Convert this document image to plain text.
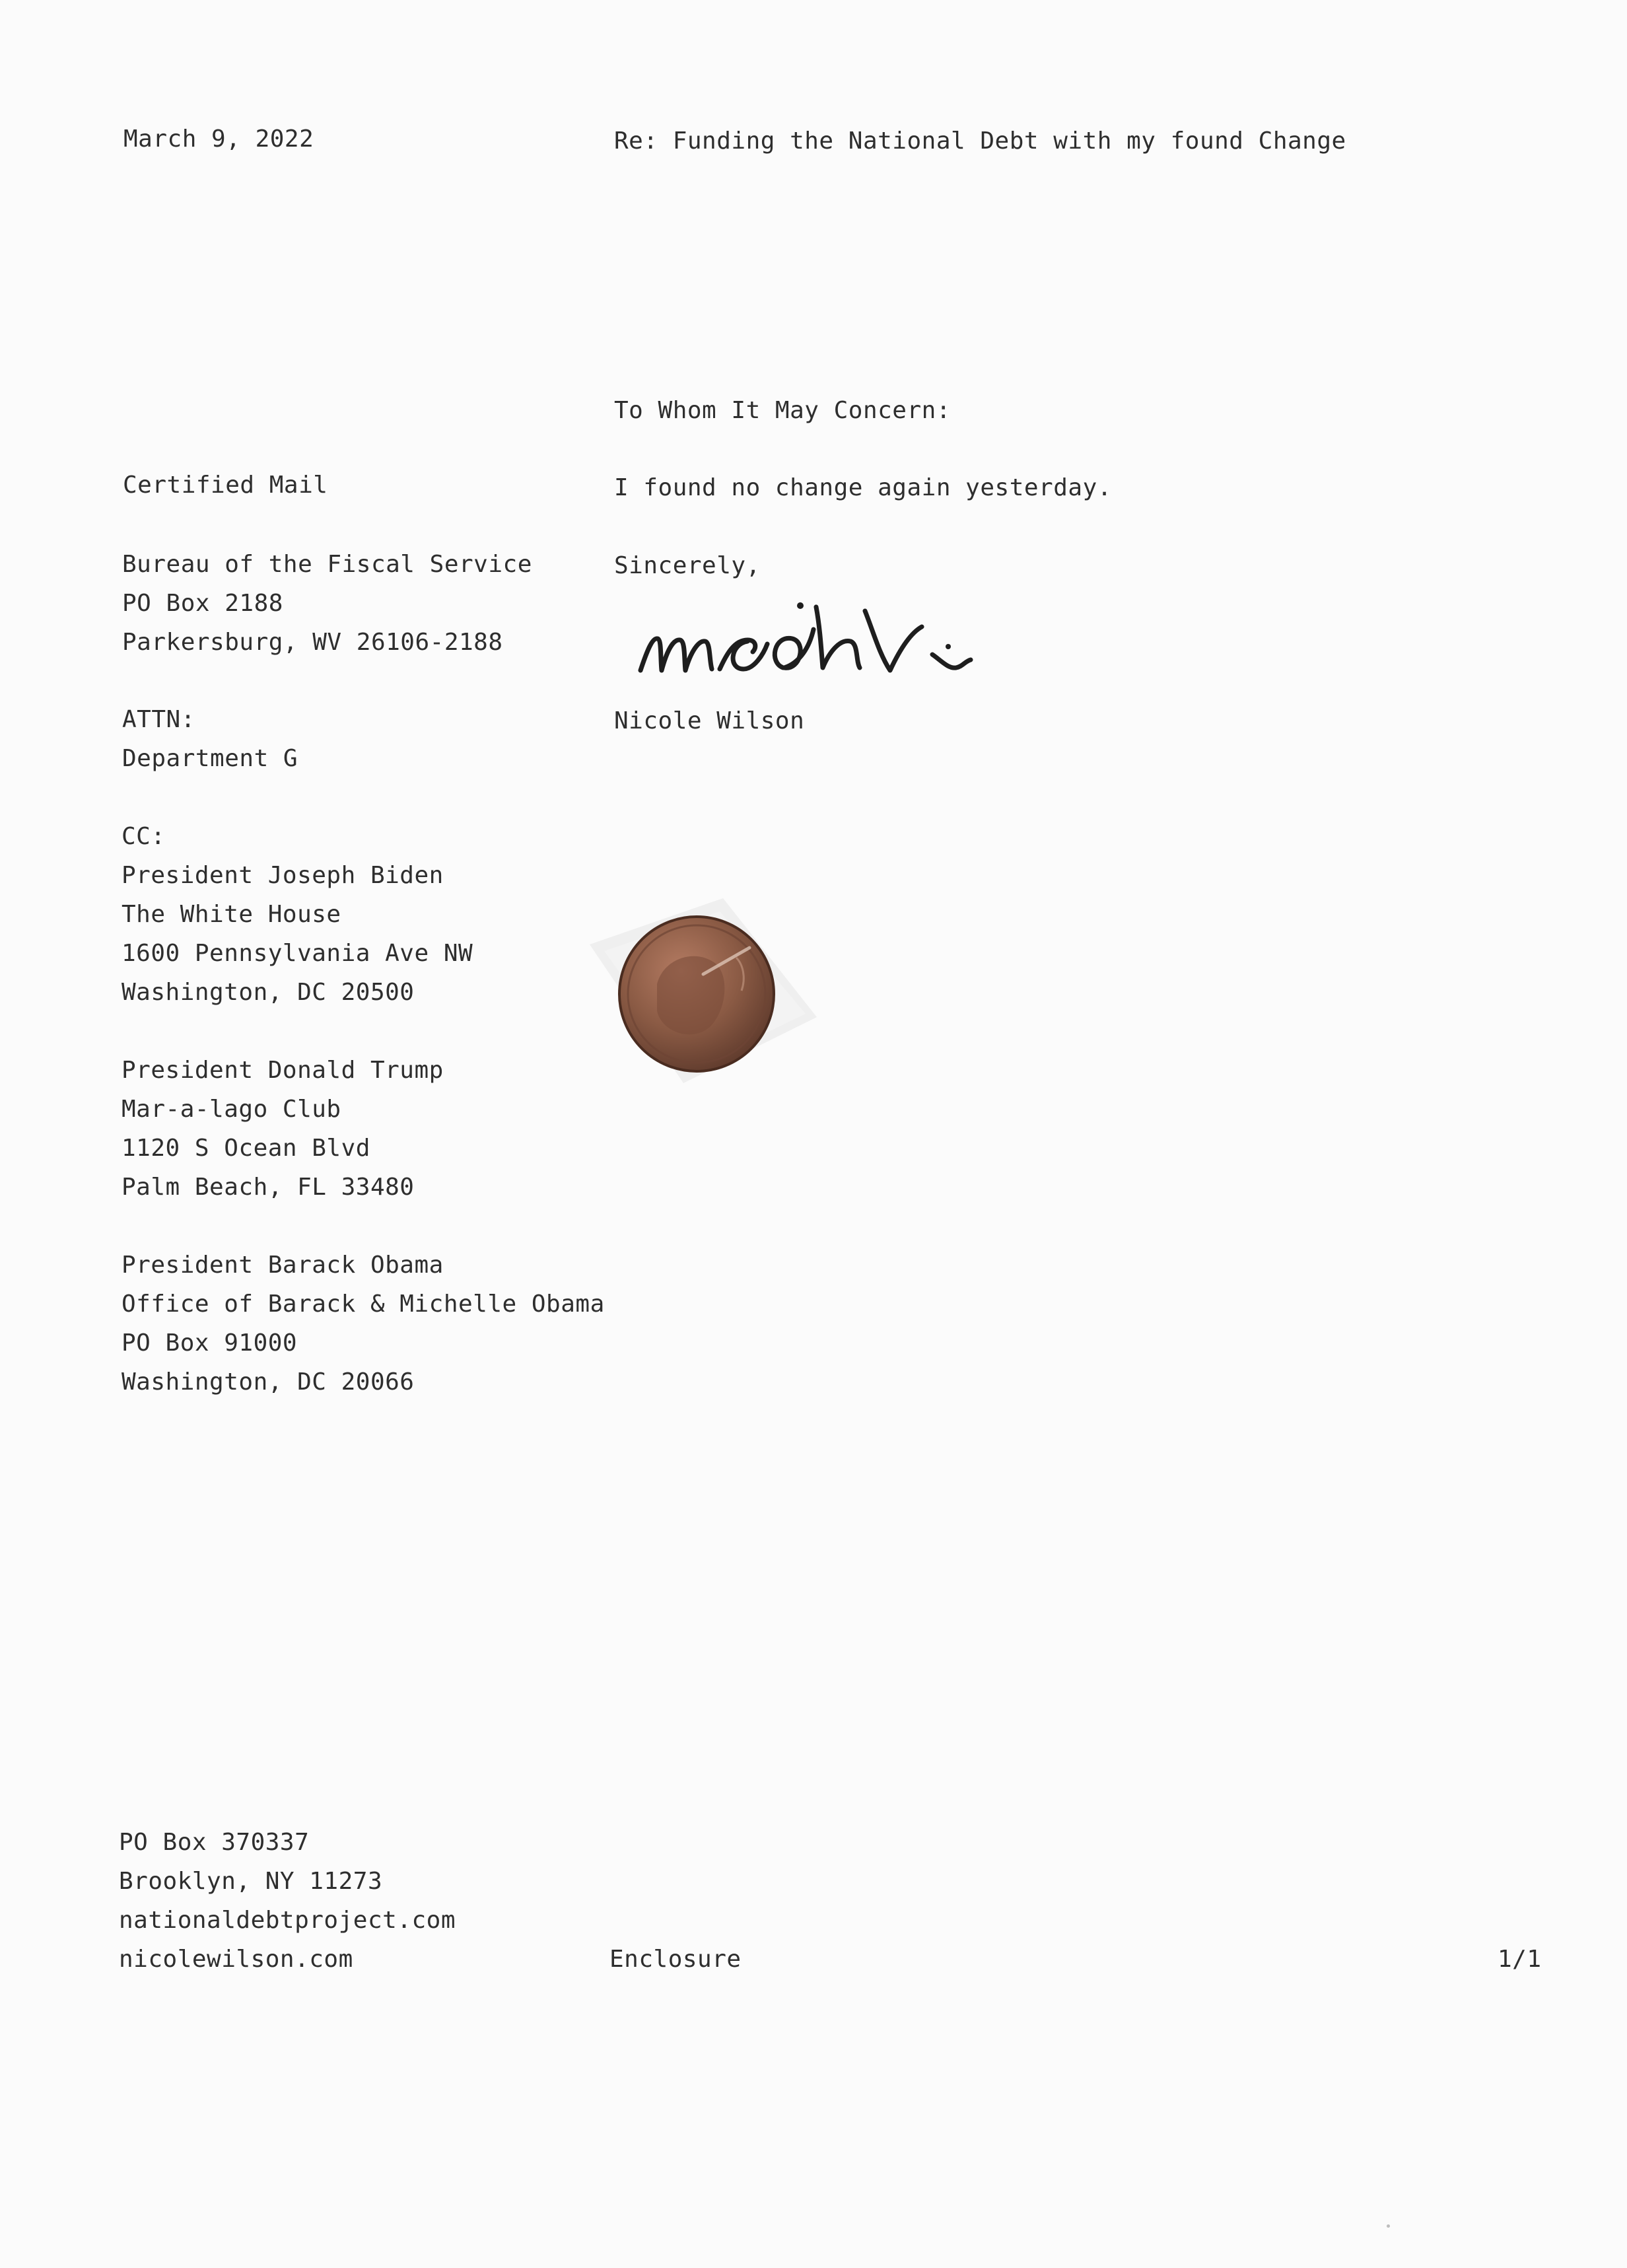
March 9, 2022	Re: Funding the National Debt with my found Change
To Whom It May Concern:
I found no change again yesterday.
Sincerely,
Nicole Wilson
Certified Mail
Bureau of the Fiscal Service
PO Box 2188
Parkersburg, WV 26106-2188
ATTN:
Department G
CC:
President Joseph Biden
The White House
1600 Pennsylvania Ave NW
Washington, DC 20500
President Donald Trump
Mar-a-lago Club
1120 S Ocean Blvd
Palm Beach, FL 33480
President Barack Obama
Office of Barack & Michelle Obama
PO Box 91000
Washington, DC 20066
PO Box 370337
Brooklyn, NY 11273
nationaldebtproject.com
nicolewilson.com	Enclosure	1/1
